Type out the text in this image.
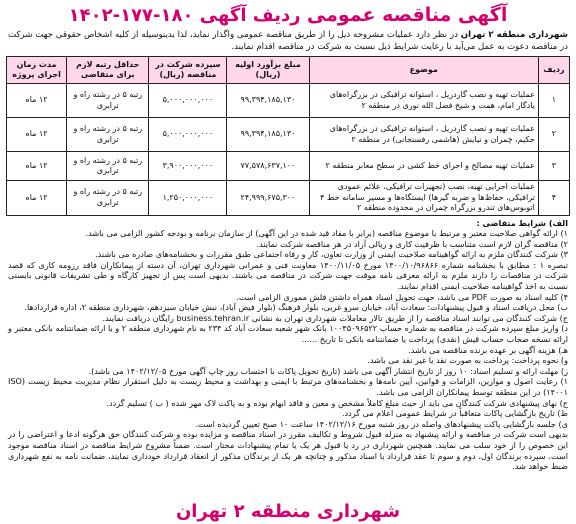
آگهی مناقصه عمومی ردیف آگهی ۱۸۰-۱۷۷-۱۴۰۲
شهرداری منطقه ۲ تهران در نظر دارد عملیات مشروحه ذیل را از طریق مناقصه عمومی واگذار نماید، لذا بدینوسیله از کلیه اشخاص حقوقی جهت شرکت در مناقصه دعوت به عمل می‌آید با رعایت شرایط ذیل نسبت به شرکت در مناقصه اقدام نمایند.
ردیف	موضوع	مبلغ برآورد اولیه (ریال)	سپرده شرکت در مناقصه (ریال)	حداقل رتبه لازم برای متقاضی	مدت زمان اجرای پروژه
۱	عملیات تهیه و نصب گاردریل ، استوانه ترافیکی در بزرگراه‌های یادگار امام، همت و شیخ فضل الله نوری در منطقه ۲	۹۹,۳۹۴,۱۸۵,۱۳۰	۵,۰۰۰,۰۰۰,۰۰۰	رتبه ۵ در رشته راه و ترابری	۱۲ ماه
۲	عملیات تهیه و نصب گاردریل ، استوانه ترافیکی در بزرگراه‌های حکیم، چمران و نیایش (هاشمی رفسنجانی) در منطقه ۲	۹۹,۳۹۴,۱۸۵,۱۳۰	۵,۰۰۰,۰۰۰,۰۰۰	رتبه ۵ در رشته راه و ترابری	۱۲ ماه
۳	عملیات تهیه مصالح و اجرای خط کشی در سطح معابر منطقه ۲	۷۷,۵۷۸,۶۳۷,۱۰۰	۳,۹۰۰,۰۰۰,۰۰۰	رتبه ۵ در رشته راه و ترابری	۱۲ ماه
۴	عملیات اجرایی تهیه، نصب (تجهیزات ترافیکی، علائم عمودی ترافیکی، حفاظ‌ها و ضربه گیرها) ایستگاه‌ها و مسیر سامانه خط ۴ اتوبوس‌های تندرو بزرگراه چمران در محدوده منطقه ۲	۲۴,۹۹۹,۶۷۵,۳۰۰	۱,۲۵۰,۰۰۰,۰۰۰	رتبه ۵ در رشته راه و ترابری	۱۲ ماه

الف) شرایط متقاضی :

۱) ارائه گواهی صلاحیت معتبر و مرتبط با موضوع مناقصه (برابر با مفاد قید شده در این آگهی) از سازمان برنامه و بودجه کشور الزامی می باشد.

۲) مناقصه گران لازم است متناسب با ظرفیت کاری و ریالی آزاد در هر مناقصه شرکت نمایند.

۳) شرکت کنندگان ملزم به ارائه گواهینامه صلاحیت ایمنی از وزارت تعاون، کار و رفاه اجتماعی طبق مقررات و بخشنامه‌های صادره می باشند.

تبصره ۱ : مطابق با بخشنامه شماره ۱۴۰۰/۱۰/۹۶۸۶۶ مورخ ۱۴۰۰/۱۱/۰۵ معاونت فنی و عمرانی شهرداری تهران، آن دسته از پیمانکاران فاقد رزومه کاری که قصد شرکت در مناقصات را دارند ملزم به ارائه معرفی نامه موقت جهت شرکت در مناقصه می باشند. بدیهی است پس از تجهیز کارگاه و طی تشریفات قانونی بایستی نسبت به اخذ گواهینامه صلاحیت ایمنی اقدام نمایند.

۴) کلیه اسناد به صورت PDF می باشد، جهت تحویل اسناد همراه داشتن فلش مموری الزامی است.

ب) محل دریافت اسناد و قبول پیشنهادات: سعادت آباد، خیابان سرو غربی، بلوار فرهنگ (بلوار فیض آباد)، نبش خیابان سیزدهم، شهرداری منطقه ۲، اداره قراردادها.

ج) شرکت کنندگان می توانند اسناد مناقصه را از طریق تالار معاملات شهرداری تهران به نشانی business.tehran.ir رایگان دریافت نمایند.

د) واریز مبلغ سپرده شرکت در مناقصه به شماره حساب ۱۰۰۴۵۰۹۶۵۲۲ بانک شهر شعبه سعادت آباد کد ۲۳۴ به نام شهرداری منطقه ۲ و یا ارائه ضمانتنامه بانکی معتبر و ارائه نسخه صحاب حساب قیش (نقدی) پرداخت یا ضمانتنامه بانکی تا تاریخ ......

هـ) هزینه آگهی بر عهده برنده مناقصه می باشد.

و) نحوه پرداخت: پرداخت به صورت نقد یا غیر نقد می باشد.

ز) مهلت ارائه و تسلیم اسناد: ۱۰ روز از تاریخ انتشار آگهی می باشد (تاریخ تحویل پاکات با احتساب روز چاپ آگهی مورخ ۱۴۰۲/۱۲/۰۵ می باشد).

۱) رعایت اصول و موازین، الزامات و قوانین، آیین نامه‌ها و بخشنامه‌های مرتبط با ایمنی و بهداشت و محیط زیست به دلیل استقرار نظام مدیریت محیط زیست (ISO ۱۴۰۰۱) در این منطقه توسط پیمانکاران الزامی می باشد.

ح) نهای پیشنهادی شرکت کنندگان می باید از حیث مبلغ کاملاً مشخص و معین و فاقد ابهام بوده و به پاکت لاک مهر شده ( ب ) تسلیم گردد.

ط) تاریخ بازگشایی پاکات متعاقباً در شرایط عمومی اعلام می گردد.

ی) جلسه بازگشایی پاکت پیشنهادهای واصله در روز شنبه مورخ ۱۴۰۲/۱۲/۱۶ ساعت ۱۰ صبح تعیین گردیده است.

بدیهی است شرکت در مناقصه و ارائه پیشنهاد به منزله قبول شروط و تکالیف مقرر در اسناد مناقصه و مزایده بوده و شرکت کنندگان حق هرگونه ادعا و اعتراضی را در این خصوص را از خود سلب می نمایند. همچنین شهرداری در رد یا قبول هر یک یا تمام پیشنهادات مختار است. ضمناً مشروح شرایط مناقصه در اسناد مناقصه موجود است. سپرده برندگان اول، دوم و سوم تا عقد قرارداد با اسناد مذکور و چنانچه هر یک از برندگان مذکور از انعقاد قرارداد خودداری نمایند، ضمانت نامه به نفع شهرداری ضبط خواهد شد.

شهرداری منطقه ۲ تهران
